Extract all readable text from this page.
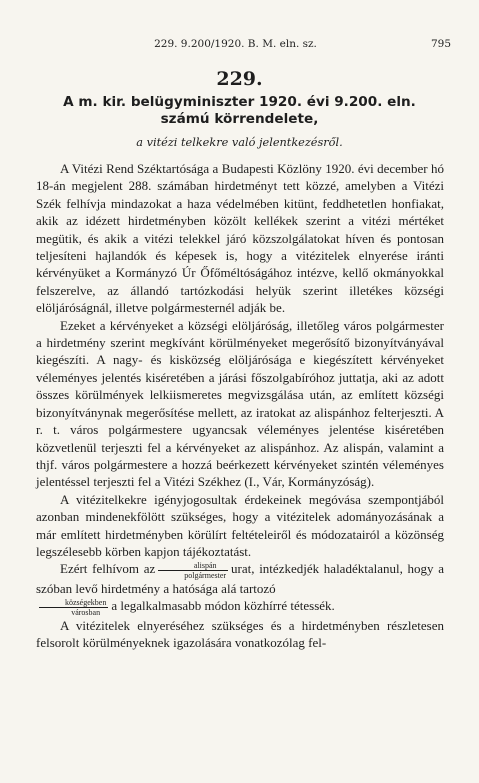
229. 9.200/1920. B. M. eln. sz.	795
229.
A m. kir. belügyminiszter 1920. évi 9.200. eln.
számú körrendelete,
a vitézi telkekre való jelentkezésről.

A Vitézi Rend Széktartósága a Budapesti Közlöny 1920. évi december hó 18-án megjelent 288. számában hirdetményt tett közzé, amelyben a Vitézi Szék felhívja mindazokat a haza védelmében kitünt, feddhetetlen honfiakat, akik az idézett hirdetményben közölt kellékek szerint a vitézi mértéket megütik, és akik a vitézi telekkel járó közszolgálatokat híven és pontosan teljesíteni hajlandók és képesek is, hogy a vitézitelek elnyerése iránti kérvényüket a Kormányzó Úr Őfőméltóságához intézve, kellő okmányokkal felszerelve, az állandó tartózkodási helyük szerint illetékes községi elöljáróságnál, illetve polgármesternél adják be.

Ezeket a kérvényeket a községi elöljáróság, illetőleg város polgármester a hirdetmény szerint megkívánt körülményeket megerősítő bizonyítványával kiegészíti. A nagy- és kisközség elöljárósága e kiegészített kérvényeket véleményes jelentés kiséretében a járási főszolgabíróhoz juttatja, aki az adott összes körülmények lelkiismeretes megvizsgálása után, az említett községi bizonyítványnak megerősítése mellett, az iratokat az alispánhoz felterjeszti. A r. t. város polgármestere ugyancsak véleményes jelentése kiséretében közvetlenül terjeszti fel a kérvényeket az alispánhoz. Az alispán, valamint a thjf. város polgármestere a hozzá beérkezett kérvényeket szintén véleményes jelentéssel terjeszti fel a Vitézi Székhez (I., Vár, Kormányzóság).

A vitézitelkekre igényjogosultak érdekeinek megóvása szempontjából azonban mindenekfölött szükséges, hogy a vitézitelek adományozásának a már említett hirdetményben körülírt feltételeiről és módozatairól a közönség legszélesebb körben kapjon tájékoztatást.

Ezért felhívom az $\frac{\text{alispán}}{\text{polgármester}}$ urat, intézkedjék haladéktalanul, hogy a szóban levő hirdetmény a hatósága alá tartozó

$\frac{\text{községekben}}{\text{városban}}$ a legalkalmasabb módon közhírré tétessék.

A vitézitelek elnyeréséhez szükséges és a hirdetményben részletesen felsorolt körülményeknek igazolására vonatkozólag fel-
